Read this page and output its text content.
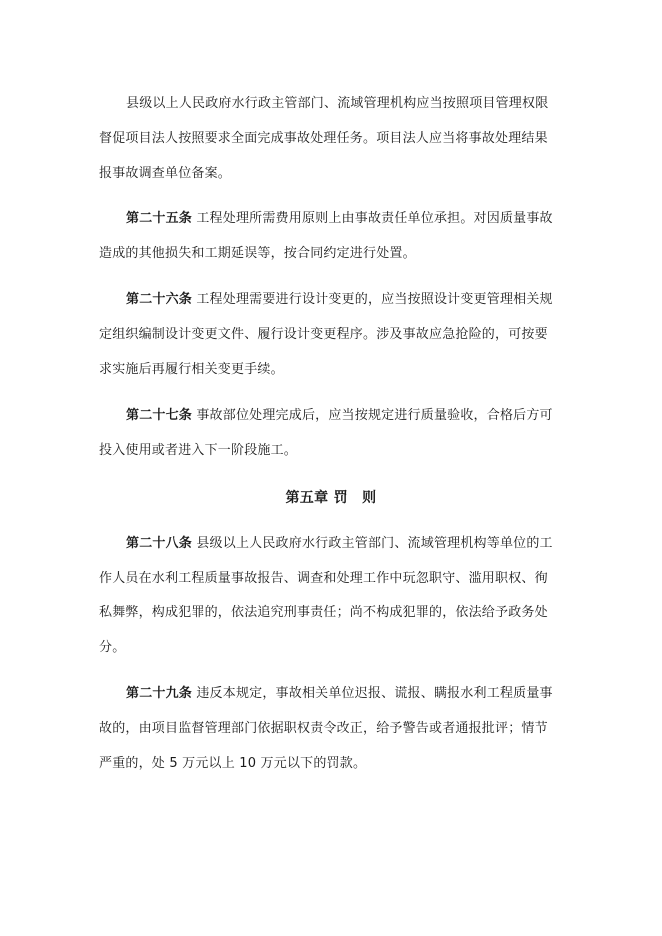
县级以上人民政府水行政主管部门、流域管理机构应当按照项目管理权限
督促项目法人按照要求全面完成事故处理任务。项目法人应当将事故处理结果
报事故调查单位备案。
第二十五条 工程处理所需费用原则上由事故责任单位承担。对因质量事故
造成的其他损失和工期延误等，按合同约定进行处置。
第二十六条 工程处理需要进行设计变更的，应当按照设计变更管理相关规
定组织编制设计变更文件、履行设计变更程序。涉及事故应急抢险的，可按要
求实施后再履行相关变更手续。
第二十七条 事故部位处理完成后，应当按规定进行质量验收，合格后方可
投入使用或者进入下一阶段施工。
第五章 罚　则
第二十八条 县级以上人民政府水行政主管部门、流域管理机构等单位的工
作人员在水利工程质量事故报告、调查和处理工作中玩忽职守、滥用职权、徇
私舞弊，构成犯罪的，依法追究刑事责任；尚不构成犯罪的，依法给予政务处
分。
第二十九条 违反本规定，事故相关单位迟报、谎报、瞒报水利工程质量事
故的，由项目监督管理部门依据职权责令改正，给予警告或者通报批评；情节
严重的，处 5 万元以上 10 万元以下的罚款。
